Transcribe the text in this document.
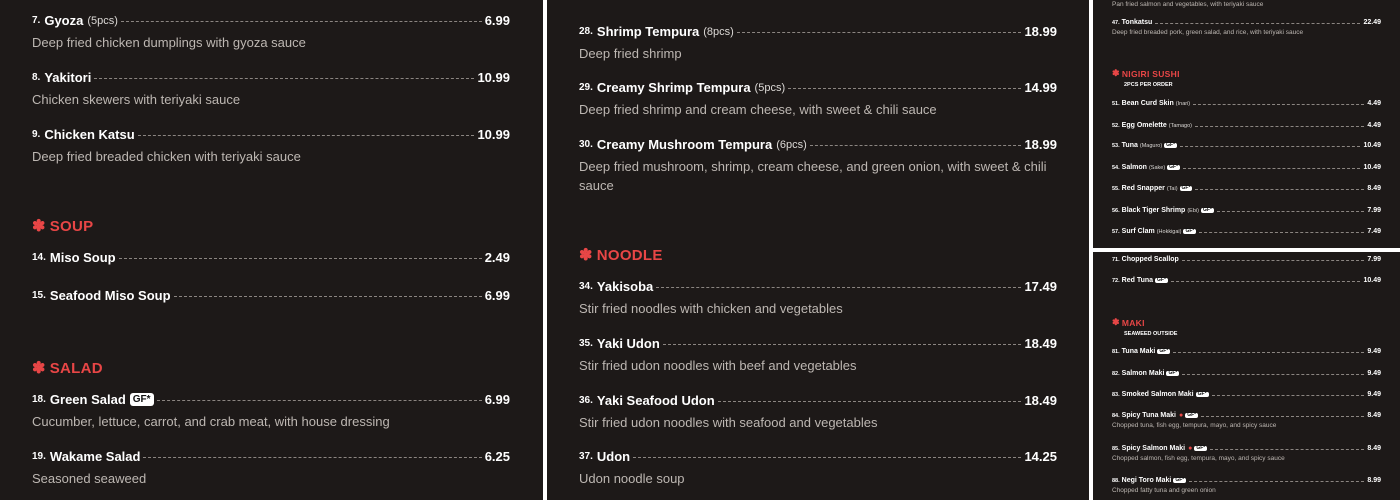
7. Gyoza (5pcs)	6.99
Deep fried chicken dumplings with gyoza sauce
8. Yakitori	10.99
Chicken skewers with teriyaki sauce
9. Chicken Katsu	10.99
Deep fried breaded chicken with teriyaki sauce
✽ SOUP
14. Miso Soup	2.49
15. Seafood Miso Soup	6.99
✽ SALAD
18. Green Salad GF*	6.99
Cucumber, lettuce, carrot, and crab meat, with house dressing
19. Wakame Salad	6.25
Seasoned seaweed
28. Shrimp Tempura (8pcs)	18.99
Deep fried shrimp
29. Creamy Shrimp Tempura (5pcs)	14.99
Deep fried shrimp and cream cheese, with sweet & chili sauce
30. Creamy Mushroom Tempura (6pcs)	18.99
Deep fried mushroom, shrimp, cream cheese, and green onion, with sweet & chili sauce
✽ NOODLE
34. Yakisoba	17.49
Stir fried noodles with chicken and vegetables
35. Yaki Udon	18.49
Stir fried udon noodles with beef and vegetables
36. Yaki Seafood Udon	18.49
Stir fried udon noodles with seafood and vegetables
37. Udon	14.25
Udon noodle soup
Pan fried salmon and vegetables, with teriyaki sauce
47. Tonkatsu	22.49
Deep fried breaded pork, green salad, and rice, with teriyaki sauce
✽ NIGIRI SUSHI
2PCS PER ORDER
51. Bean Curd Skin (Inari)	4.49
52. Egg Omelette (Tamago)	4.49
53. Tuna (Maguro) GF*	10.49
54. Salmon (Sake) GF*	10.49
55. Red Snapper (Tai) GF*	8.49
56. Black Tiger Shrimp (Ebi) GF*	7.99
57. Surf Clam (Hokkigai) GF*	7.49
71. Chopped Scallop	7.99
72. Red Tuna GF*	10.49
✽ MAKI
SEAWEED OUTSIDE
81. Tuna Maki GF*	9.49
82. Salmon Maki GF*	9.49
83. Smoked Salmon Maki GF*	9.49
84. Spicy Tuna Maki ● GF*	8.49
Chopped tuna, fish egg, tempura, mayo, and spicy sauce
85. Spicy Salmon Maki ● GF*	8.49
Chopped salmon, fish egg, tempura, mayo, and spicy sauce
88. Negi Toro Maki GF*	8.99
Chopped fatty tuna and green onion
